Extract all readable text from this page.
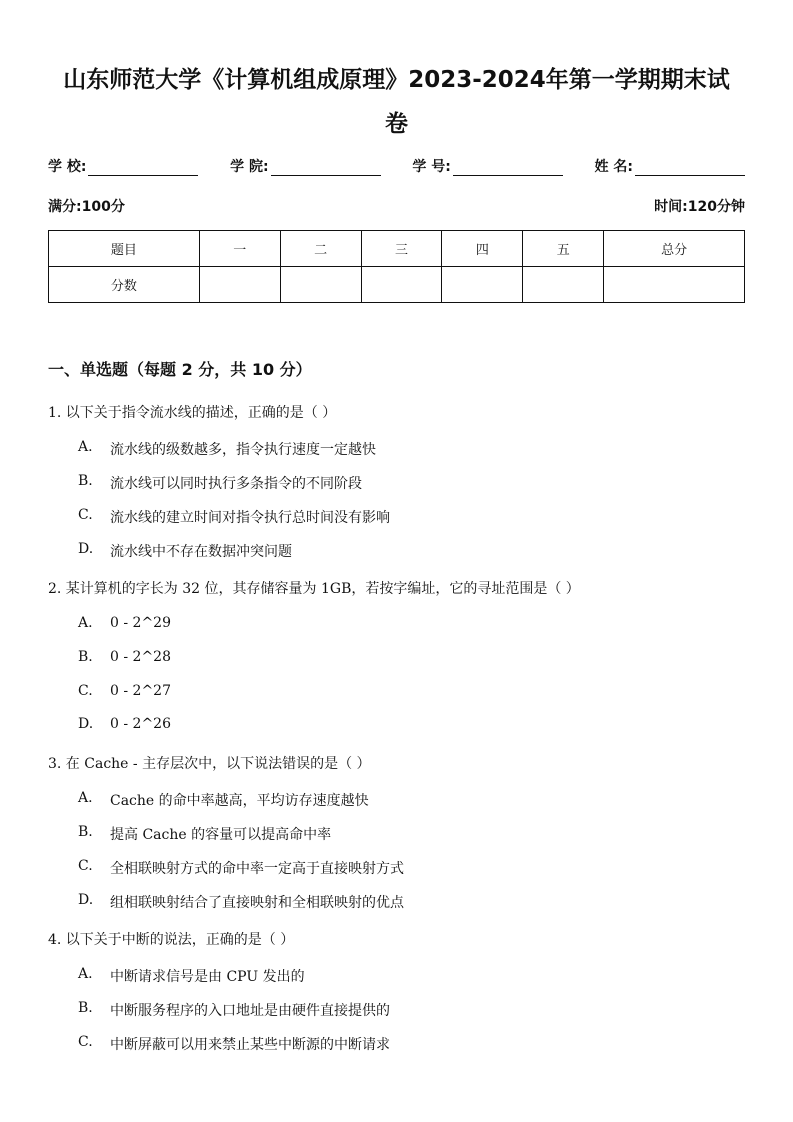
山东师范大学《计算机组成原理》2023-2024年第一学期期末试
卷
学 校:	学 院:	学 号:	姓 名:
满分:100分	时间:120分钟
题目	一	二	三	四	五	总分
分数						
一、单选题（每题 2 分，共 10 分）
1. 以下关于指令流水线的描述，正确的是（ ）
A.	流水线的级数越多，指令执行速度一定越快
B.	流水线可以同时执行多条指令的不同阶段
C.	流水线的建立时间对指令执行总时间没有影响
D.	流水线中不存在数据冲突问题
2. 某计算机的字长为 32 位，其存储容量为 1GB，若按字编址，它的寻址范围是（ ）
A.	0 - 2^29
B.	0 - 2^28
C.	0 - 2^27
D.	0 - 2^26
3. 在 Cache - 主存层次中，以下说法错误的是（ ）
A.	Cache 的命中率越高，平均访存速度越快
B.	提高 Cache 的容量可以提高命中率
C.	全相联映射方式的命中率一定高于直接映射方式
D.	组相联映射结合了直接映射和全相联映射的优点
4. 以下关于中断的说法，正确的是（ ）
A.	中断请求信号是由 CPU 发出的
B.	中断服务程序的入口地址是由硬件直接提供的
C.	中断屏蔽可以用来禁止某些中断源的中断请求
